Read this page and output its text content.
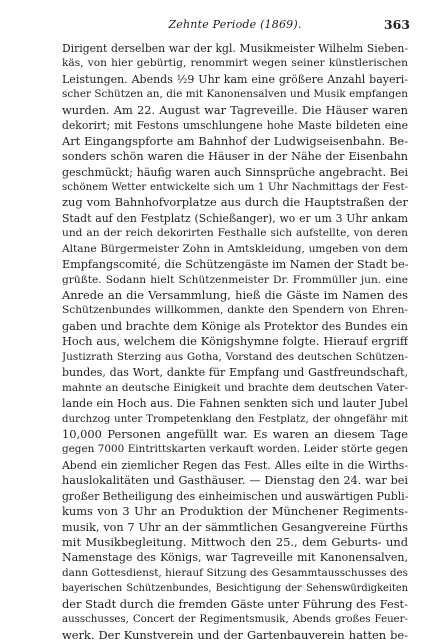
Zehnte Periode (1869).	363
Dirigent derselben war der kgl. Musikmeister Wilhelm Sieben-
käs, von hier gebürtig, renommirt wegen seiner künstlerischen
Leistungen. Abends ½9 Uhr kam eine größere Anzahl bayeri-
scher Schützen an, die mit Kanonensalven und Musik empfangen
wurden. Am 22. August war Tagreveille. Die Häuser waren
dekorirt; mit Festons umschlungene hohe Maste bildeten eine
Art Eingangspforte am Bahnhof der Ludwigseisenbahn. Be-
sonders schön waren die Häuser in der Nähe der Eisenbahn
geschmückt; häufig waren auch Sinnsprüche angebracht. Bei
schönem Wetter entwickelte sich um 1 Uhr Nachmittags der Fest-
zug vom Bahnhofvorplatze aus durch die Hauptstraßen der
Stadt auf den Festplatz (Schießanger), wo er um 3 Uhr ankam
und an der reich dekorirten Festhalle sich aufstellte, von deren
Altane Bürgermeister Zohn in Amtskleidung, umgeben von dem
Empfangscomité, die Schützengäste im Namen der Stadt be-
grüßte. Sodann hielt Schützenmeister Dr. Frommüller jun. eine
Anrede an die Versammlung, hieß die Gäste im Namen des
Schützenbundes willkommen, dankte den Spendern von Ehren-
gaben und brachte dem Könige als Protektor des Bundes ein
Hoch aus, welchem die Königshymne folgte. Hierauf ergriff
Justizrath Sterzing aus Gotha, Vorstand des deutschen Schützen-
bundes, das Wort, dankte für Empfang und Gastfreundschaft,
mahnte an deutsche Einigkeit und brachte dem deutschen Vater-
lande ein Hoch aus. Die Fahnen senkten sich und lauter Jubel
durchzog unter Trompetenklang den Festplatz, der ohngefähr mit
10,000 Personen angefüllt war. Es waren an diesem Tage
gegen 7000 Eintrittskarten verkauft worden. Leider störte gegen
Abend ein ziemlicher Regen das Fest. Alles eilte in die Wirths-
hauslokalitäten und Gasthäuser. — Dienstag den 24. war bei
großer Betheiligung des einheimischen und auswärtigen Publi-
kums von 3 Uhr an Produktion der Münchener Regiments-
musik, von 7 Uhr an der sämmtlichen Gesangvereine Fürths
mit Musikbegleitung. Mittwoch den 25., dem Geburts- und
Namenstage des Königs, war Tagreveille mit Kanonensalven,
dann Gottesdienst, hierauf Sitzung des Gesammtausschusses des
bayerischen Schützenbundes, Besichtigung der Sehenswürdigkeiten
der Stadt durch die fremden Gäste unter Führung des Fest-
ausschusses, Concert der Regimentsmusik, Abends großes Feuer-
werk. Der Kunstverein und der Gartenbauverein hatten be-
